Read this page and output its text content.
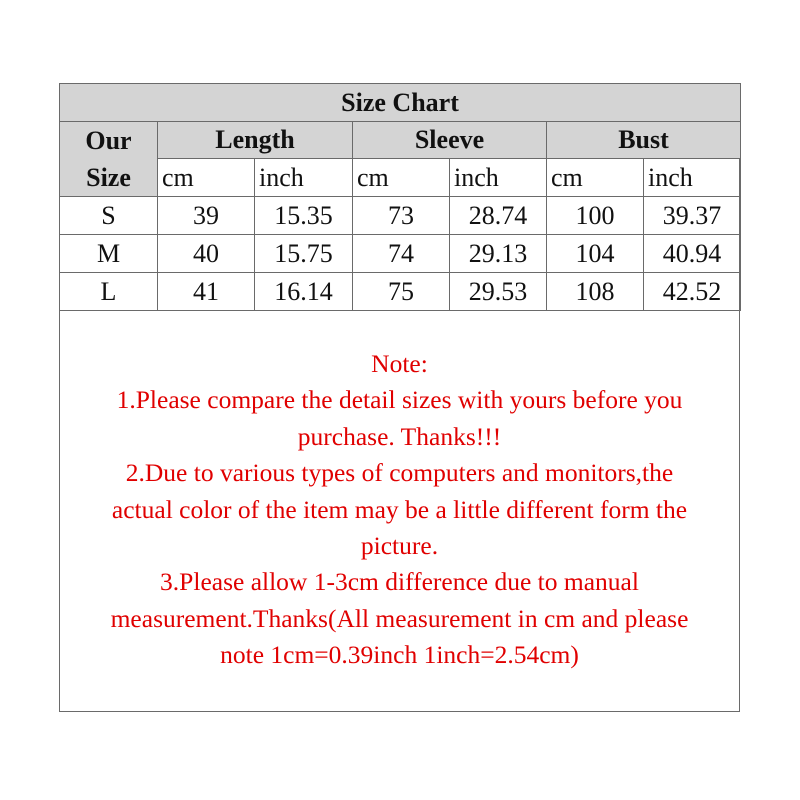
Size Chart						

Our
Size	Length		Sleeve		Bust	
	cm	inch	cm	inch	cm	inch
S	39	15.35	73	28.74	100	39.37
M	40	15.75	74	29.13	104	40.94
L	41	16.14	75	29.53	108	42.52
Note:
1.Please compare the detail sizes with yours before you
purchase. Thanks!!!
2.Due to various types of computers and monitors,the
actual color of the item may be a little different form the
picture.
3.Please allow 1-3cm difference due to manual
measurement.Thanks(All measurement in cm and please
note 1cm=0.39inch 1inch=2.54cm)
